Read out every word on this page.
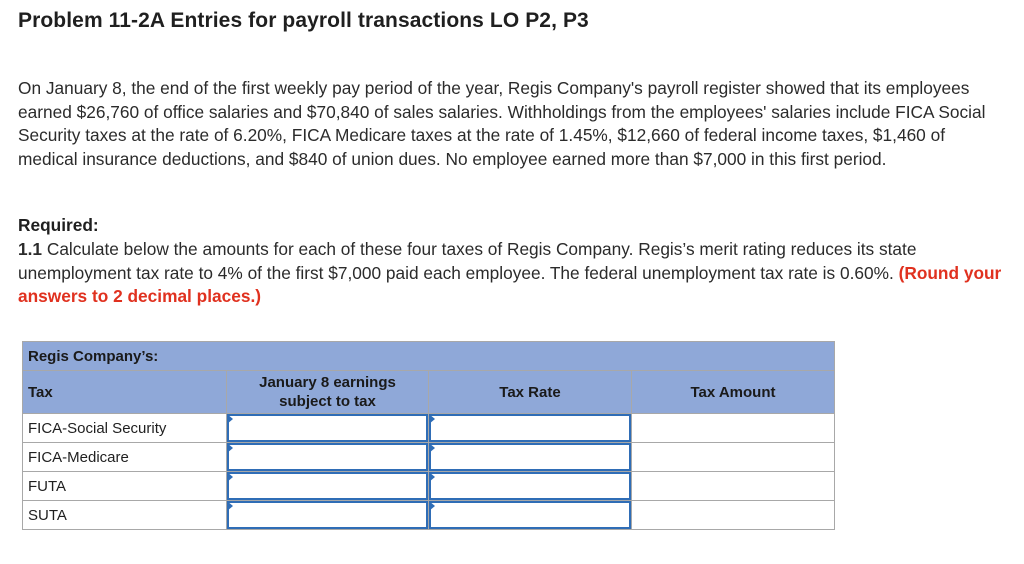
Problem 11-2A Entries for payroll transactions LO P2, P3
On January 8, the end of the first weekly pay period of the year, Regis Company's payroll register showed that its employees earned $26,760 of office salaries and $70,840 of sales salaries. Withholdings from the employees' salaries include FICA Social Security taxes at the rate of 6.20%, FICA Medicare taxes at the rate of 1.45%, $12,660 of federal income taxes, $1,460 of medical insurance deductions, and $840 of union dues. No employee earned more than $7,000 in this first period.
Required:
1.1 Calculate below the amounts for each of these four taxes of Regis Company. Regis’s merit rating reduces its state unemployment tax rate to 4% of the first $7,000 paid each employee. The federal unemployment tax rate is 0.60%. (Round your answers to 2 decimal places.)
Regis Company’s:			
Tax	January 8 earnings subject to tax	Tax Rate	Tax Amount
FICA-Social Security	

FICA-Medicare	

FUTA	

SUTA	
